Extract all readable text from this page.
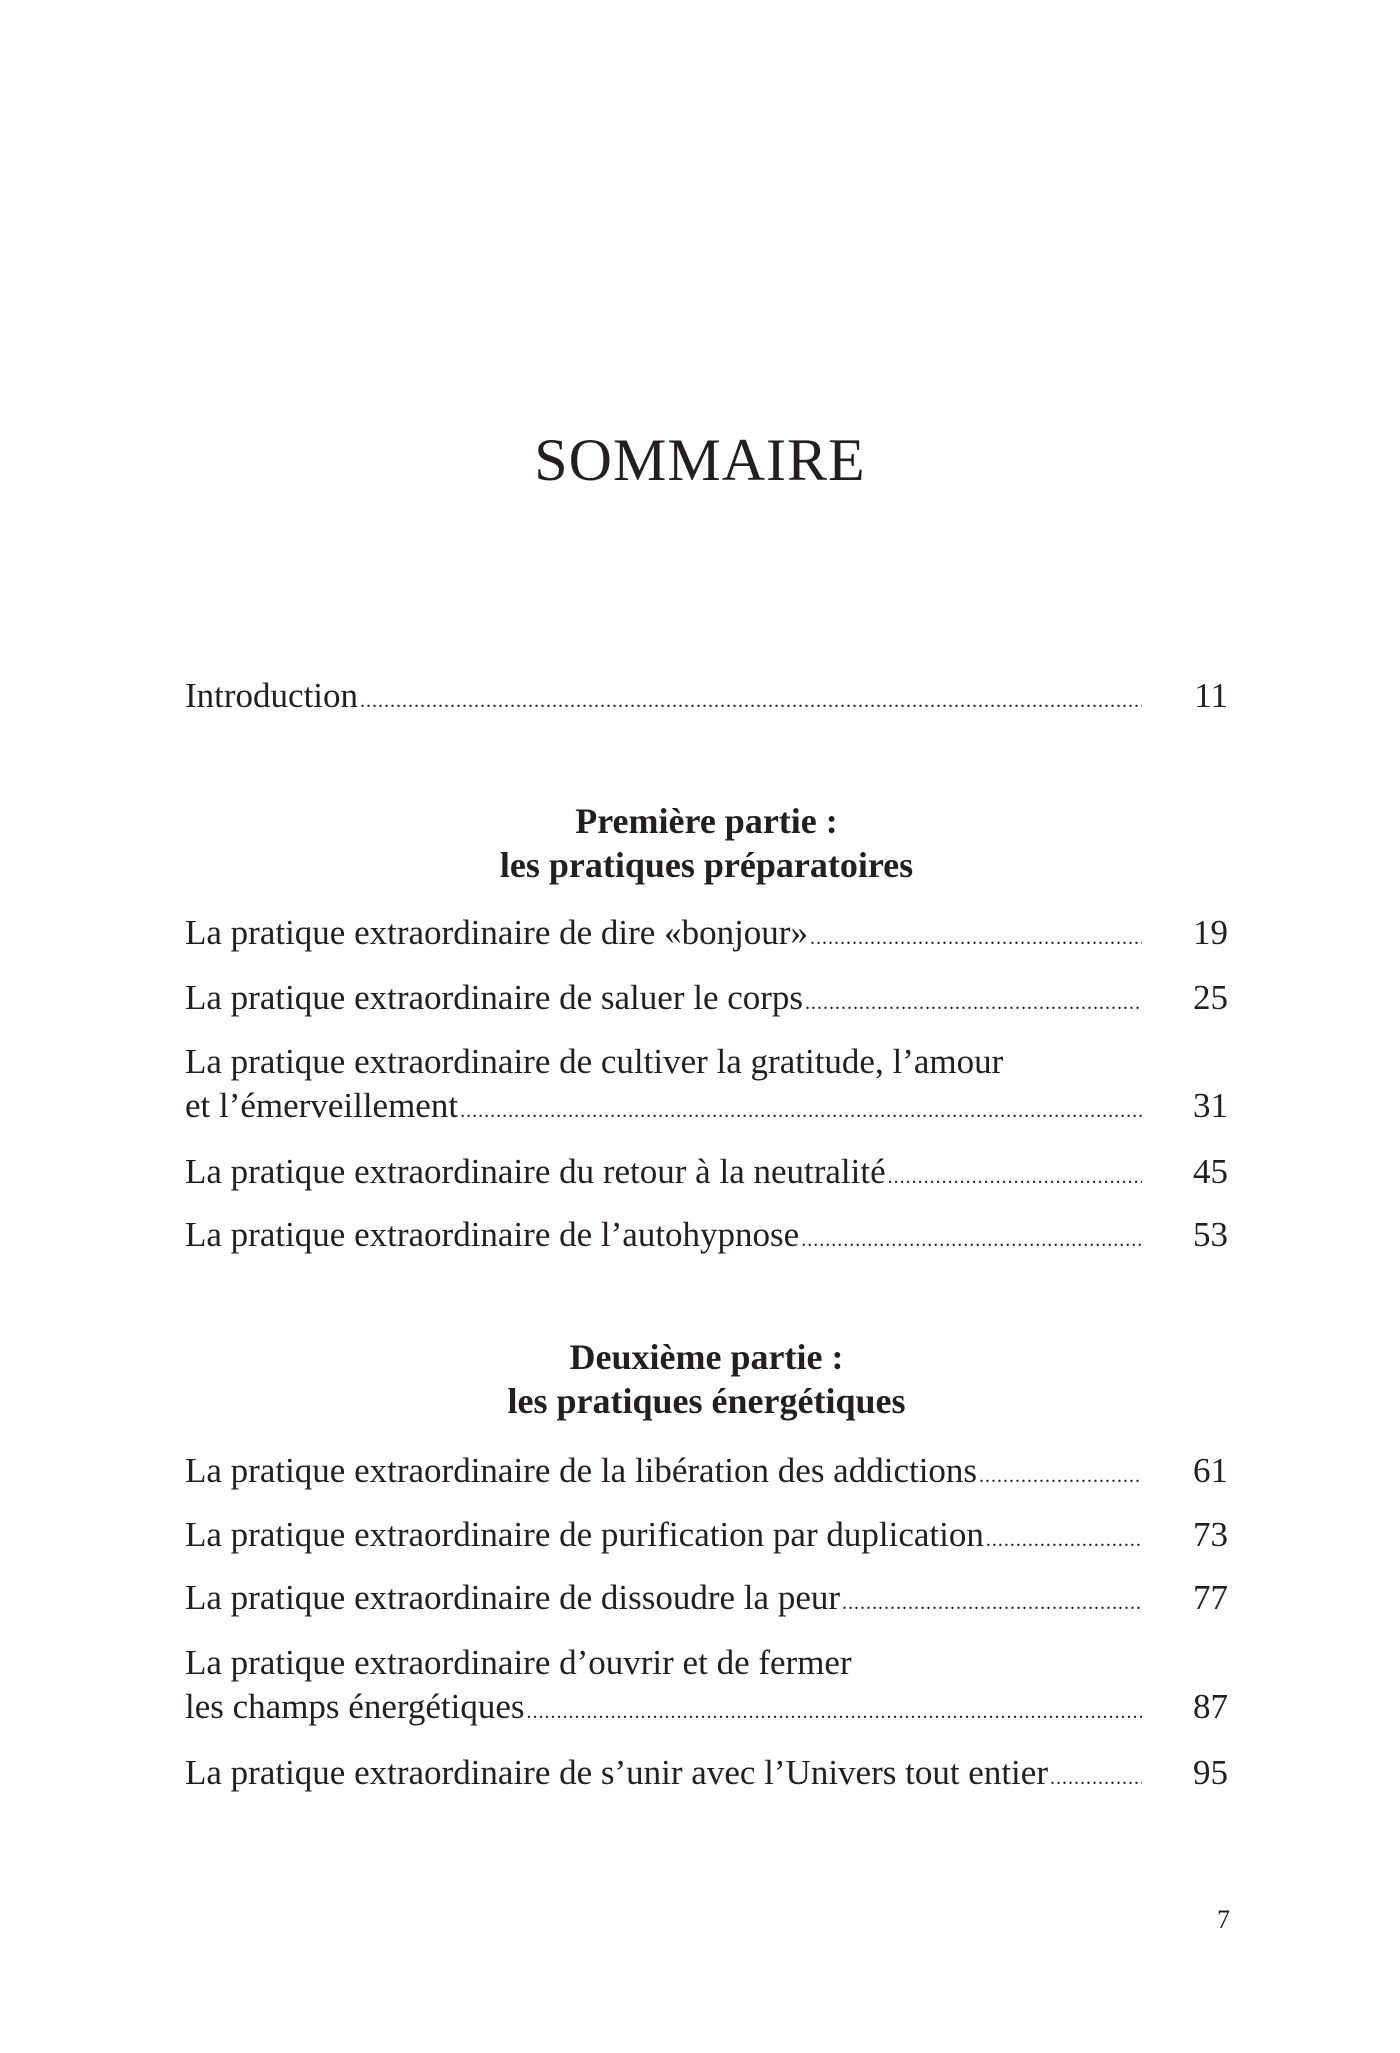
SOMMAIRE
Introduction .....	11
Première partie :
les pratiques préparatoires
La pratique extraordinaire de dire «bonjour» .....	19
La pratique extraordinaire de saluer le corps .....	25
La pratique extraordinaire de cultiver la gratitude, l’amour
et l’émerveillement .....	31
La pratique extraordinaire du retour à la neutralité .....	45
La pratique extraordinaire de l’autohypnose .....	53
Deuxième partie :
les pratiques énergétiques
La pratique extraordinaire de la libération des addictions .....	61
La pratique extraordinaire de purification par duplication .....	73
La pratique extraordinaire de dissoudre la peur .....	77
La pratique extraordinaire d’ouvrir et de fermer
les champs énergétiques .....	87
La pratique extraordinaire de s’unir avec l’Univers tout entier .....	95
7
